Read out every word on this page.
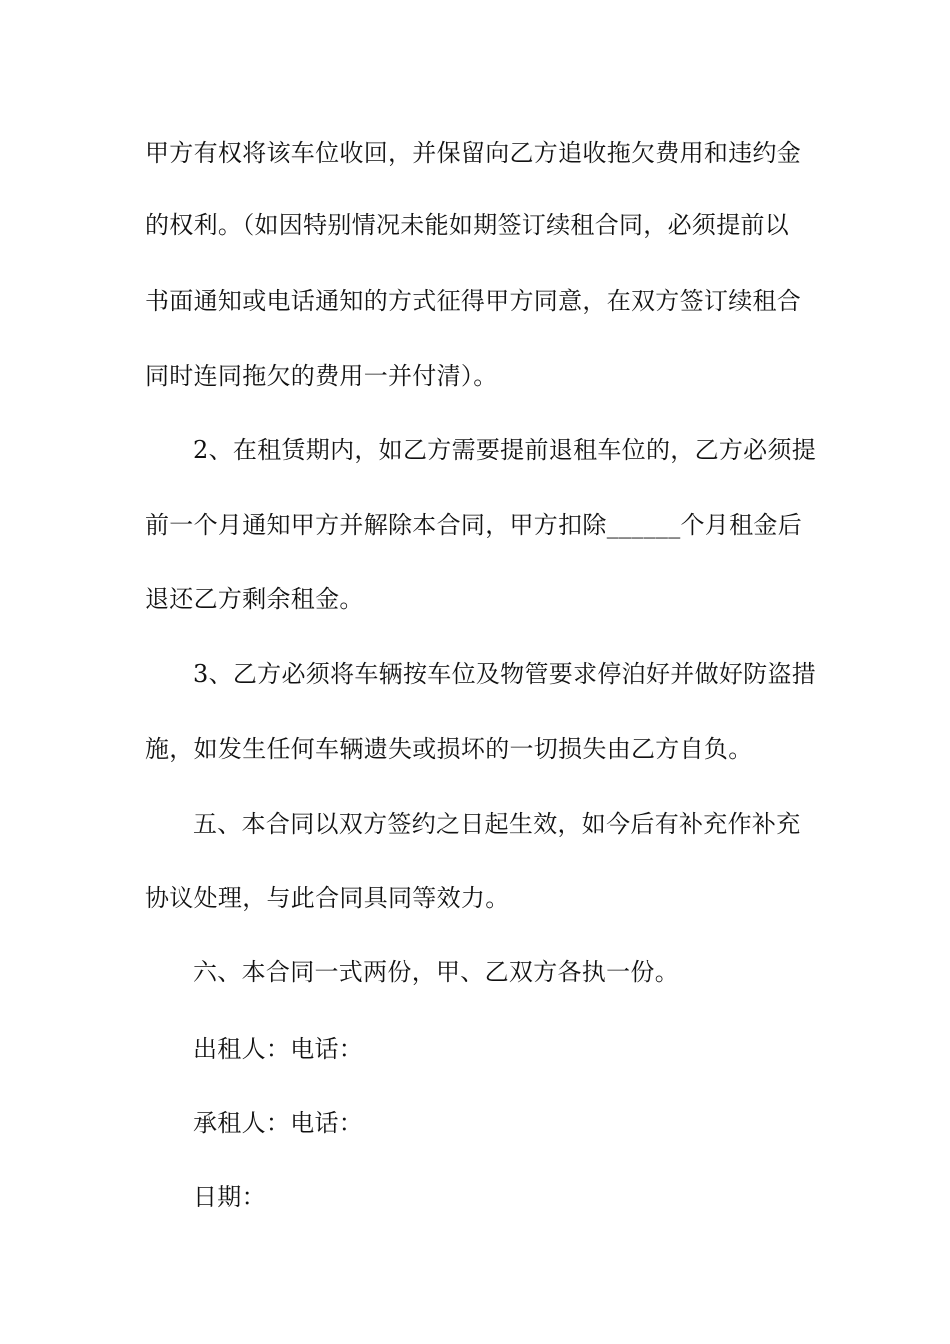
甲方有权将该车位收回，并保留向乙方追收拖欠费用和违约金
的权利。（如因特别情况未能如期签订续租合同，必须提前以
书面通知或电话通知的方式征得甲方同意，在双方签订续租合
同时连同拖欠的费用一并付清）。
2、在租赁期内，如乙方需要提前退租车位的，乙方必须提
前一个月通知甲方并解除本合同，甲方扣除______个月租金后
退还乙方剩余租金。
3、乙方必须将车辆按车位及物管要求停泊好并做好防盗措
施，如发生任何车辆遗失或损坏的一切损失由乙方自负。
五、本合同以双方签约之日起生效，如今后有补充作补充
协议处理，与此合同具同等效力。
六、本合同一式两份，甲、乙双方各执一份。
出租人：电话：
承租人：电话：
日期：
